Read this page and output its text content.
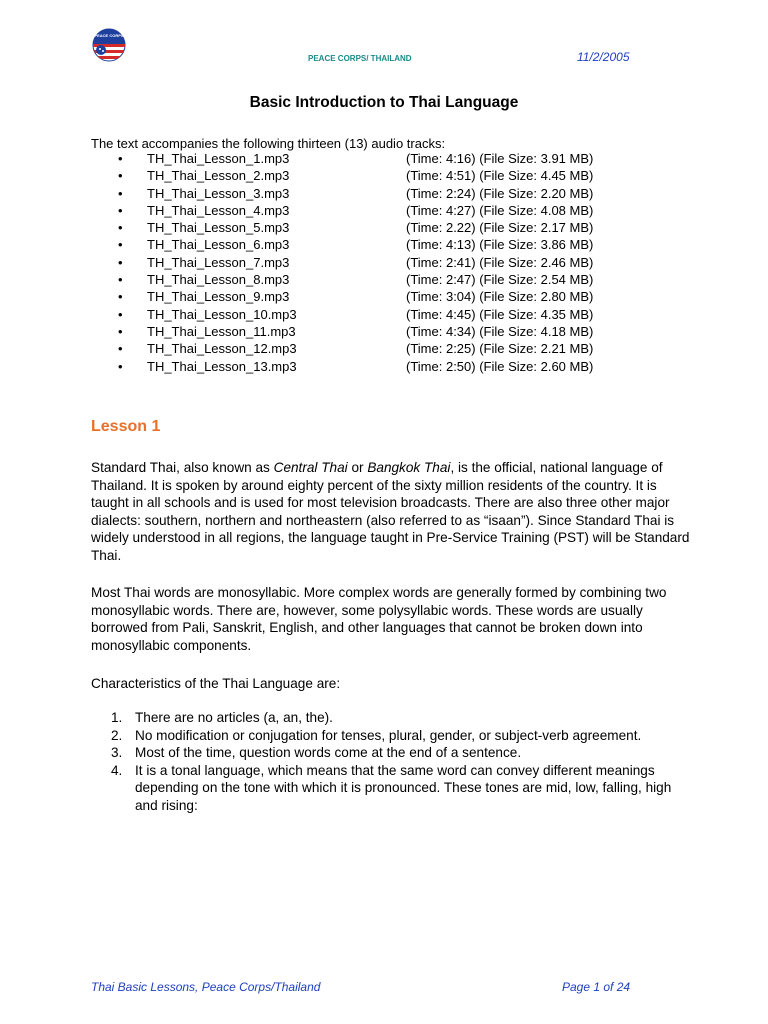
PEACE CORPS
PEACE CORPS/ THAILAND	11/2/2005
Basic Introduction to Thai Language
The text accompanies the following thirteen (13) audio tracks:
• TH_Thai_Lesson_1.mp3	(Time: 4:16) (File Size: 3.91 MB)
• TH_Thai_Lesson_2.mp3	(Time: 4:51) (File Size: 4.45 MB)
• TH_Thai_Lesson_3.mp3	(Time: 2:24) (File Size: 2.20 MB)
• TH_Thai_Lesson_4.mp3	(Time: 4:27) (File Size: 4.08 MB)
• TH_Thai_Lesson_5.mp3	(Time: 2.22) (File Size: 2.17 MB)
• TH_Thai_Lesson_6.mp3	(Time: 4:13) (File Size: 3.86 MB)
• TH_Thai_Lesson_7.mp3	(Time: 2:41) (File Size: 2.46 MB)
• TH_Thai_Lesson_8.mp3	(Time: 2:47) (File Size: 2.54 MB)
• TH_Thai_Lesson_9.mp3	(Time: 3:04) (File Size: 2.80 MB)
• TH_Thai_Lesson_10.mp3	(Time: 4:45) (File Size: 4.35 MB)
• TH_Thai_Lesson_11.mp3	(Time: 4:34) (File Size: 4.18 MB)
• TH_Thai_Lesson_12.mp3	(Time: 2:25) (File Size: 2.21 MB)
• TH_Thai_Lesson_13.mp3	(Time: 2:50) (File Size: 2.60 MB)
Lesson 1

Standard Thai, also known as Central Thai or Bangkok Thai, is the official, national language of Thailand. It is spoken by around eighty percent of the sixty million residents of the country. It is taught in all schools and is used for most television broadcasts. There are also three other major dialects: southern, northern and northeastern (also referred to as “isaan”). Since Standard Thai is widely understood in all regions, the language taught in Pre-Service Training (PST) will be Standard Thai.

Most Thai words are monosyllabic. More complex words are generally formed by combining two monosyllabic words. There are, however, some polysyllabic words. These words are usually borrowed from Pali, Sanskrit, English, and other languages that cannot be broken down into monosyllabic components.

Characteristics of the Thai Language are:

1. There are no articles (a, an, the).
2. No modification or conjugation for tenses, plural, gender, or subject-verb agreement.
3. Most of the time, question words come at the end of a sentence.
4. It is a tonal language, which means that the same word can convey different meanings depending on the tone with which it is pronounced. These tones are mid, low, falling, high and rising:
Thai Basic Lessons, Peace Corps/Thailand	Page 1 of 24
